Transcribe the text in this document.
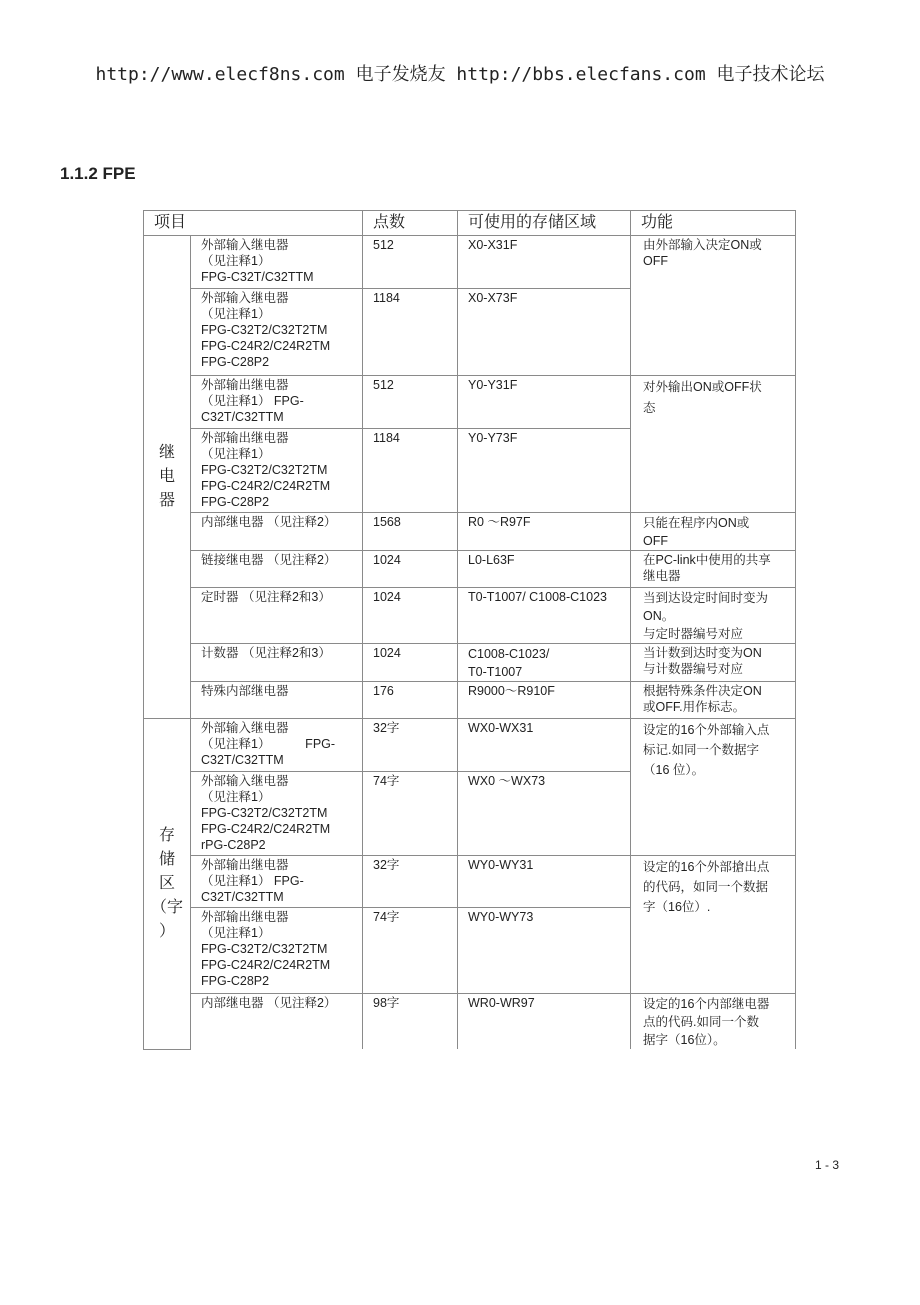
http://www.elecf8ns.com 电子发烧友 http://bbs.elecfans.com 电子技术论坛
1.1.2 FPE
项目		点数	可使用的存储区域	功能

继
电
器	外部输入继电器
（见注释1）
FPG-C32T/C32TTM	512	X0-X31F	由外部输入决定ON或
OFF

	外部输入继电器
（见注释1）
FPG-C32T2/C32T2TM
FPG-C24R2/C24R2TM
FPG-C28P2	1184	X0-X73F	

	外部输出继电器
（见注释1） FPG-
C32T/C32TTM	512	Y0-Y31F	对外输出ON或OFF状
态

	外部输出继电器
（见注释1）
FPG-C32T2/C32T2TM
FPG-C24R2/C24R2TM
FPG-C28P2	1184	Y0-Y73F	

	内部继电器 （见注释2）	1568	R0 ～R97F	只能在程序内ON或
OFF

	链接继电器 （见注释2）	1024	L0-L63F	在PC-link中使用的共享
继电器

	定时器 （见注释2和3）	1024	T0-T1007/ C1008-C1023	当到达设定时间时变为
ON。
与定时器编号对应

	计数器 （见注释2和3）	1024	C1008-C1023/
T0-T1007	当计数到达时变为ON
与计数器编号对应

	特殊内部继电器	176	R9000～R910F	根据特殊条件决定ON
或OFF.用作标志。

存
储
区
（字
）	外部输入继电器
（见注释1）          FPG-
C32T/C32TTM	32字	WX0-WX31	设定的16个外部输入点
标记.如同一个数据字
（16 位）。

	外部输入继电器
（见注释1）
FPG-C32T2/C32T2TM
FPG-C24R2/C24R2TM
rPG-C28P2	74字	WX0 ～WX73	

	外部输出继电器
（见注释1） FPG-
C32T/C32TTM	32字	WY0-WY31	设定的16个外部搶出点
的代码，如同一个数据
字（16位）.

	外部输出继电器
（见注释1）
FPG-C32T2/C32T2TM
FPG-C24R2/C24R2TM
FPG-C28P2	74字	WY0-WY73	

	内部继电器 （见注释2）	98字	WR0-WR97	设定的16个内部继电器
点的代码.如同一个数
据字（16位）。
1 - 3
